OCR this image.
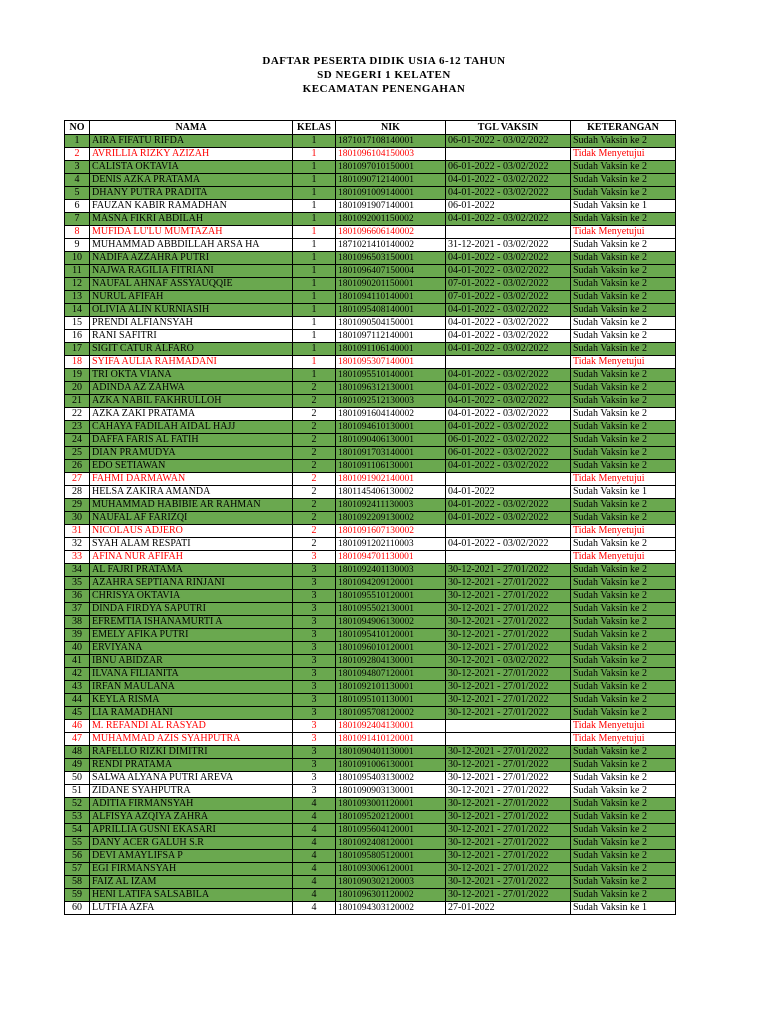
DAFTAR PESERTA DIDIK USIA 6-12 TAHUN
SD NEGERI 1 KELATEN
KECAMATAN PENENGAHAN
NO	NAMA	KELAS	NIK	TGL VAKSIN	KETERANGAN
1	AIRA FIFATU RIFDA	1	1871017108140001	06-01-2022 - 03/02/2022	Sudah Vaksin ke 2
2	AVRILLIA RIZKY AZIZAH	1	1801096104150003		Tidak Menyetujui
3	CALISTA OKTAVIA	1	1801097010150001	06-01-2022 - 03/02/2022	Sudah Vaksin ke 2
4	DENIS AZKA PRATAMA	1	1801090712140001	04-01-2022 - 03/02/2022	Sudah Vaksin ke 2
5	DHANY PUTRA PRADITA	1	1801091009140001	04-01-2022 - 03/02/2022	Sudah Vaksin ke 2
6	FAUZAN KABIR RAMADHAN	1	1801091907140001	06-01-2022	Sudah Vaksin ke 1
7	MASNA FIKRI ABDILAH	1	1801092001150002	04-01-2022 - 03/02/2022	Sudah Vaksin ke 2
8	MUFIDA LU'LU MUMTAZAH	1	1801096606140002		Tidak Menyetujui
9	MUHAMMAD ABBDILLAH ARSA HA	1	1871021410140002	31-12-2021 - 03/02/2022	Sudah Vaksin ke 2
10	NADIFA AZZAHRA PUTRI	1	1801096503150001	04-01-2022 - 03/02/2022	Sudah Vaksin ke 2
11	NAJWA RAGILIA FITRIANI	1	1801096407150004	04-01-2022 - 03/02/2022	Sudah Vaksin ke 2
12	NAUFAL AHNAF ASSYAUQQIE	1	1801090201150001	07-01-2022 - 03/02/2022	Sudah Vaksin ke 2
13	NURUL AFIFAH	1	1801094110140001	07-01-2022 - 03/02/2022	Sudah Vaksin ke 2
14	OLIVIA ALIN KURNIASIH	1	1801095408140001	04-01-2022 - 03/02/2022	Sudah Vaksin ke 2
15	PRENDI ALFIANSYAH	1	1801090504150001	04-01-2022 - 03/02/2022	Sudah Vaksin ke 2
16	RANI SAFITRI	1	1801097112140001	04-01-2022 - 03/02/2022	Sudah Vaksin ke 2
17	SIGIT CATUR ALFARO	1	1801091106140001	04-01-2022 - 03/02/2022	Sudah Vaksin ke 2
18	SYIFA AULIA RAHMADANI	1	1801095307140001		Tidak Menyetujui
19	TRI OKTA VIANA	1	1801095510140001	04-01-2022 - 03/02/2022	Sudah Vaksin ke 2
20	ADINDA AZ ZAHWA	2	1801096312130001	04-01-2022 - 03/02/2022	Sudah Vaksin ke 2
21	AZKA NABIL FAKHRULLOH	2	1801092512130003	04-01-2022 - 03/02/2022	Sudah Vaksin ke 2
22	AZKA ZAKI PRATAMA	2	1801091604140002	04-01-2022 - 03/02/2022	Sudah Vaksin ke 2
23	CAHAYA FADILAH AIDAL HAJJ	2	1801094610130001	04-01-2022 - 03/02/2022	Sudah Vaksin ke 2
24	DAFFA FARIS AL FATIH	2	1801090406130001	06-01-2022 - 03/02/2022	Sudah Vaksin ke 2
25	DIAN PRAMUDYA	2	1801091703140001	06-01-2022 - 03/02/2022	Sudah Vaksin ke 2
26	EDO SETIAWAN	2	1801091106130001	04-01-2022 - 03/02/2022	Sudah Vaksin ke 2
27	FAHMI DARMAWAN	2	1801091902140001		Tidak Menyetujui
28	HELSA ZAKIRA AMANDA	2	1801145406130002	04-01-2022	Sudah Vaksin ke 1
29	MUHAMMAD HABIBIE AR RAHMAN	2	1801092411130003	04-01-2022 - 03/02/2022	Sudah Vaksin ke 2
30	NAUFAL AF FARIZQI	2	1801092209130002	04-01-2022 - 03/02/2022	Sudah Vaksin ke 2
31	NICOLAUS ADJERO	2	1801091607130002		Tidak Menyetujui
32	SYAH ALAM RESPATI	2	1801091202110003	04-01-2022 - 03/02/2022	Sudah Vaksin ke 2
33	AFINA NUR AFIFAH	3	1801094701130001		Tidak Menyetujui
34	AL FAJRI PRATAMA	3	1801092401130003	30-12-2021 - 27/01/2022	Sudah Vaksin ke 2
35	AZAHRA SEPTIANA RINJANI	3	1801094209120001	30-12-2021 - 27/01/2022	Sudah Vaksin ke 2
36	CHRISYA OKTAVIA	3	1801095510120001	30-12-2021 - 27/01/2022	Sudah Vaksin ke 2
37	DINDA FIRDYA SAPUTRI	3	1801095502130001	30-12-2021 - 27/01/2022	Sudah Vaksin ke 2
38	EFREMTIA ISHANAMURTI A	3	1801094906130002	30-12-2021 - 27/01/2022	Sudah Vaksin ke 2
39	EMELY AFIKA PUTRI	3	1801095410120001	30-12-2021 - 27/01/2022	Sudah Vaksin ke 2
40	ERVIYANA	3	1801096010120001	30-12-2021 - 27/01/2022	Sudah Vaksin ke 2
41	IBNU ABIDZAR	3	1801092804130001	30-12-2021 - 03/02/2022	Sudah Vaksin ke 2
42	ILVANA FILIANITA	3	1801094807120001	30-12-2021 - 27/01/2022	Sudah Vaksin ke 2
43	IRFAN MAULANA	3	1801092101130001	30-12-2021 - 27/01/2022	Sudah Vaksin ke 2
44	KEYLA RISMA	3	1801095101130001	30-12-2021 - 27/01/2022	Sudah Vaksin ke 2
45	LIA RAMADHANI	3	1801095708120002	30-12-2021 - 27/01/2022	Sudah Vaksin ke 2
46	M. REFANDI AL RASYAD	3	1801092404130001		Tidak Menyetujui
47	MUHAMMAD AZIS SYAHPUTRA	3	1801091410120001		Tidak Menyetujui
48	RAFELLO RIZKI DIMITRI	3	1801090401130001	30-12-2021 - 27/01/2022	Sudah Vaksin ke 2
49	RENDI PRATAMA	3	1801091006130001	30-12-2021 - 27/01/2022	Sudah Vaksin ke 2
50	SALWA ALYANA PUTRI AREVA	3	1801095403130002	30-12-2021 - 27/01/2022	Sudah Vaksin ke 2
51	ZIDANE SYAHPUTRA	3	1801090903130001	30-12-2021 - 27/01/2022	Sudah Vaksin ke 2
52	ADITIA FIRMANSYAH	4	1801093001120001	30-12-2021 - 27/01/2022	Sudah Vaksin ke 2
53	ALFISYA AZQIYA ZAHRA	4	1801095202120001	30-12-2021 - 27/01/2022	Sudah Vaksin ke 2
54	APRILLIA GUSNI EKASARI	4	1801095604120001	30-12-2021 - 27/01/2022	Sudah Vaksin ke 2
55	DANY ACER GALUH S.R	4	1801092408120001	30-12-2021 - 27/01/2022	Sudah Vaksin ke 2
56	DEVI AMAYLIFSA P	4	1801095805120001	30-12-2021 - 27/01/2022	Sudah Vaksin ke 2
57	EGI FIRMANSYAH	4	1801093006120001	30-12-2021 - 27/01/2022	Sudah Vaksin ke 2
58	FAIZ AL IZAM	4	1801090302120003	30-12-2021 - 27/01/2022	Sudah Vaksin ke 2
59	HENI LATIFA SALSABILA	4	1801096301120002	30-12-2021 - 27/01/2022	Sudah Vaksin ke 2
60	LUTFIA AZFA	4	1801094303120002	27-01-2022	Sudah Vaksin ke 1
